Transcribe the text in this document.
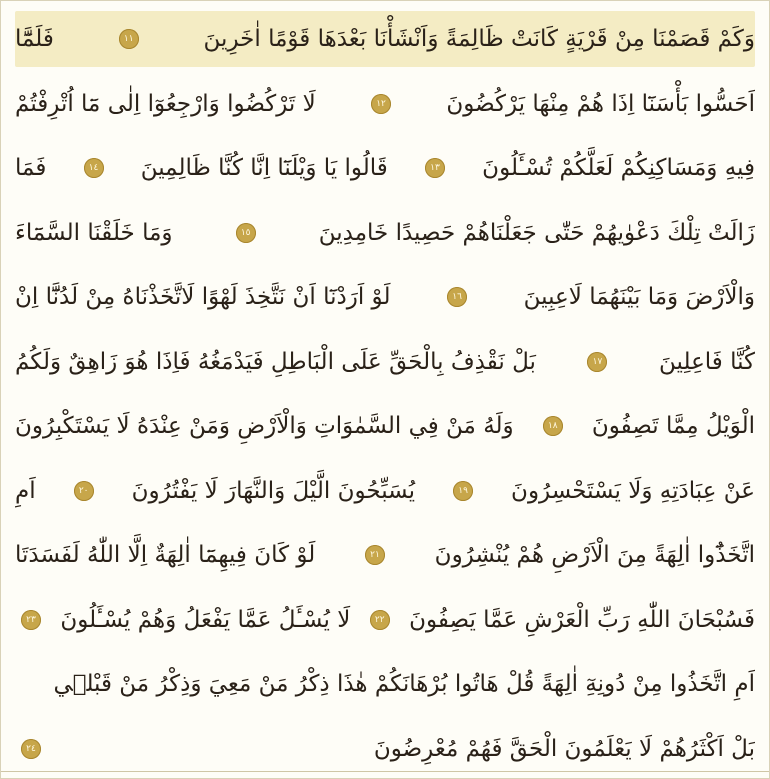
وَكَمْ قَصَمْنَا مِنْ قَرْيَةٍ كَانَتْ ظَالِمَةً وَاَنْشَأْنَا بَعْدَهَا قَوْمًا اٰخَرِينَ
١١
فَلَمَّٓا
اَحَسُّوا بَأْسَنَٓا اِذَا هُمْ مِنْهَا يَرْكُضُونَ
١٢
لَا تَرْكُضُوا وَارْجِعُوٓا اِلٰى مَٓا اُتْرِفْتُمْ
فِيهِ وَمَسَاكِنِكُمْ لَعَلَّكُمْ تُسْـَٔلُونَ
١٣
قَالُوا يَا وَيْلَنَٓا اِنَّا كُنَّا ظَالِمِينَ
١٤
فَمَا
زَالَتْ تِلْكَ دَعْوٰيهُمْ حَتّٰى جَعَلْنَاهُمْ حَصِيدًا خَامِدِينَ
١٥
وَمَا خَلَقْنَا السَّمَٓاءَ
وَالْاَرْضَ وَمَا بَيْنَهُمَا لَاعِبِينَ
١٦
لَوْ اَرَدْنَٓا اَنْ نَتَّخِذَ لَهْوًا لَاتَّخَذْنَاهُ مِنْ لَدُنَّٓا اِنْ
كُنَّا فَاعِلِينَ
١٧
بَلْ نَقْذِفُ بِالْحَقِّ عَلَى الْبَاطِلِ فَيَدْمَغُهُ فَاِذَا هُوَ زَاهِقٌ وَلَكُمُ
الْوَيْلُ مِمَّا تَصِفُونَ
١٨
وَلَهُ مَنْ فِي السَّمٰوَاتِ وَالْاَرْضِ وَمَنْ عِنْدَهُ لَا يَسْتَكْبِرُونَ
عَنْ عِبَادَتِهِ وَلَا يَسْتَحْسِرُونَ
١٩
يُسَبِّحُونَ الَّيْلَ وَالنَّهَارَ لَا يَفْتُرُونَ
٢٠
اَمِ
اتَّخَذُٓوا اٰلِهَةً مِنَ الْاَرْضِ هُمْ يُنْشِرُونَ
٢١
لَوْ كَانَ فِيهِمَٓا اٰلِهَةٌ اِلَّا اللّٰهُ لَفَسَدَتَا
فَسُبْحَانَ اللّٰهِ رَبِّ الْعَرْشِ عَمَّا يَصِفُونَ
٢٢
لَا يُسْـَٔلُ عَمَّا يَفْعَلُ وَهُمْ يُسْـَٔلُونَ
٢٣
اَمِ اتَّخَذُوا مِنْ دُونِهِٓ اٰلِهَةً قُلْ هَاتُوا بُرْهَانَكُمْ هٰذَا ذِكْرُ مَنْ مَعِيَ وَذِكْرُ مَنْ قَبْلٖي
بَلْ اَكْثَرُهُمْ لَا يَعْلَمُونَ الْحَقَّ فَهُمْ مُعْرِضُونَ
٢٤
